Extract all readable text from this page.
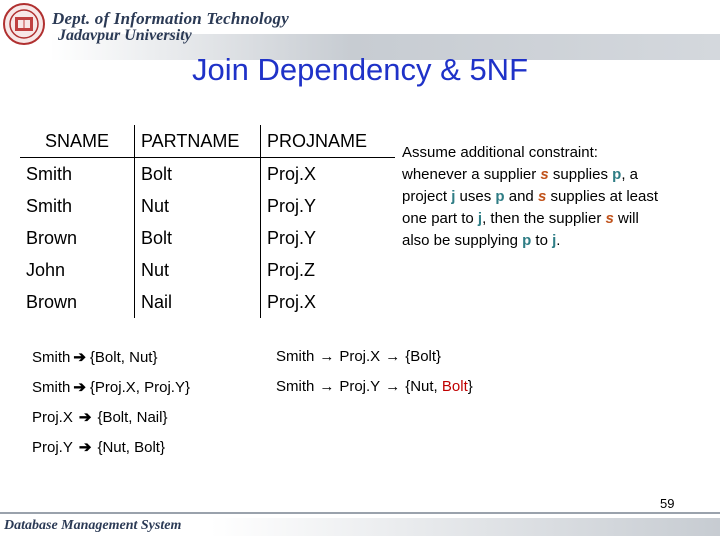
Dept. of Information Technology
Jadavpur University
Join Dependency & 5NF
SNAME	PARTNAME	PROJNAME
Smith	Bolt	Proj.X
Smith	Nut	Proj.Y
Brown	Bolt	Proj.Y
John	Nut	Proj.Z
Brown	Nail	Proj.X
Assume additional constraint: whenever a supplier s supplies p, a project j uses p and s supplies at least one part to j, then the supplier s will also be supplying p to j.
Smith ➔ {Bolt, Nut}
Smith ➔ {Proj.X, Proj.Y}
Proj.X ➔ {Bolt, Nail}
Proj.Y ➔ {Nut, Bolt}
Smith → Proj.X → {Bolt}
Smith → Proj.Y → {Nut, Bolt}
59
Database Management System
